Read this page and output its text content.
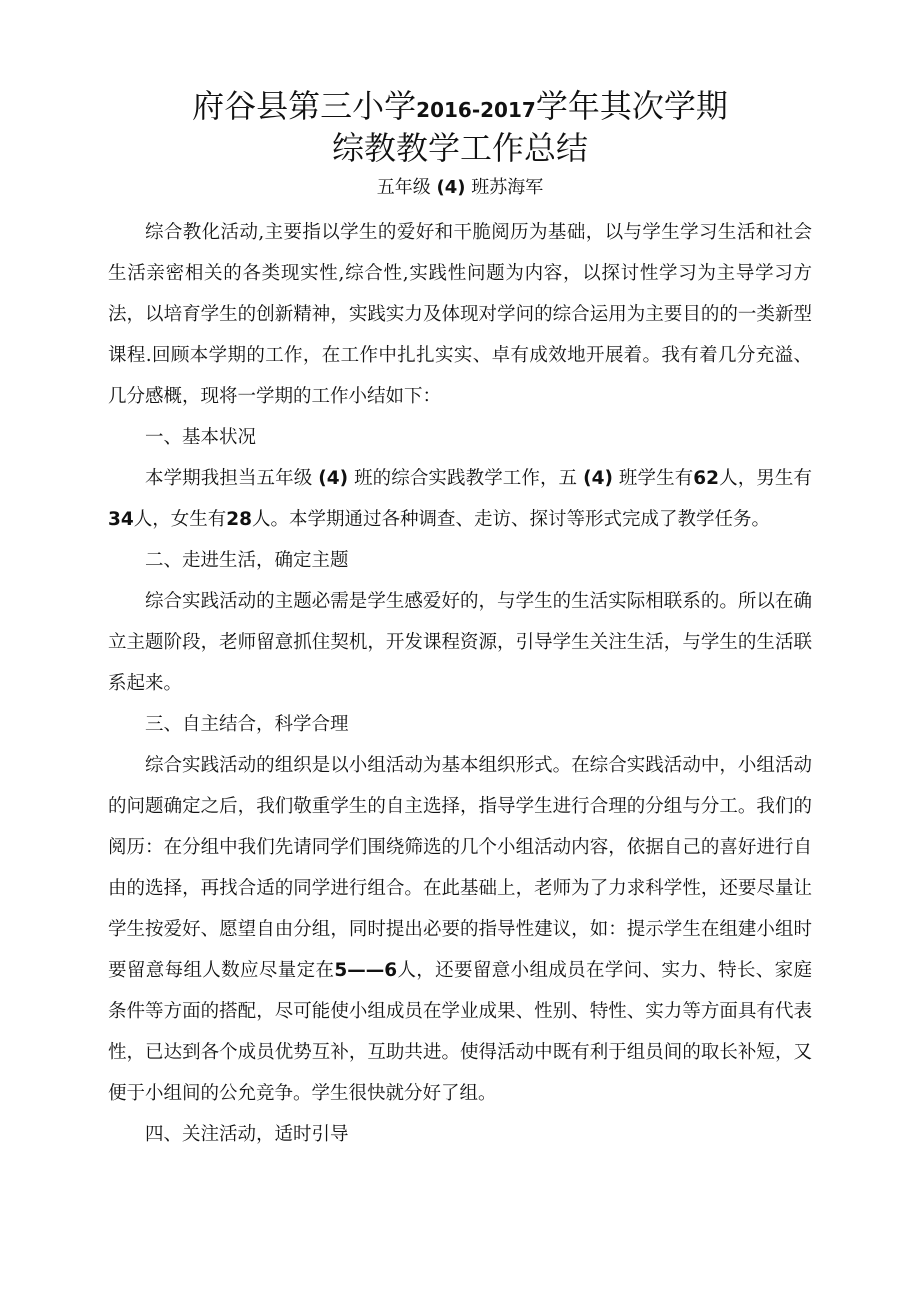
府谷县第三小学2016-2017学年其次学期
综教教学工作总结
五年级 (4) 班苏海军

综合教化活动,主要指以学生的爱好和干脆阅历为基础，以与学生学习生活和社会生活亲密相关的各类现实性,综合性,实践性问题为内容，以探讨性学习为主导学习方法，以培育学生的创新精神，实践实力及体现对学问的综合运用为主要目的的一类新型课程.回顾本学期的工作，在工作中扎扎实实、卓有成效地开展着。我有着几分充溢、几分感概，现将一学期的工作小结如下：

一、基本状况

本学期我担当五年级 (4) 班的综合实践教学工作，五 (4) 班学生有62人，男生有34人，女生有28人。本学期通过各种调查、走访、探讨等形式完成了教学任务。

二、走进生活，确定主题

综合实践活动的主题必需是学生感爱好的，与学生的生活实际相联系的。所以在确立主题阶段，老师留意抓住契机，开发课程资源，引导学生关注生活，与学生的生活联系起来。

三、自主结合，科学合理

综合实践活动的组织是以小组活动为基本组织形式。在综合实践活动中，小组活动的问题确定之后，我们敬重学生的自主选择，指导学生进行合理的分组与分工。我们的阅历：在分组中我们先请同学们围绕筛选的几个小组活动内容，依据自己的喜好进行自由的选择，再找合适的同学进行组合。在此基础上，老师为了力求科学性，还要尽量让学生按爱好、愿望自由分组，同时提出必要的指导性建议，如：提示学生在组建小组时要留意每组人数应尽量定在5——6人，还要留意小组成员在学问、实力、特长、家庭条件等方面的搭配，尽可能使小组成员在学业成果、性别、特性、实力等方面具有代表性，已达到各个成员优势互补，互助共进。使得活动中既有利于组员间的取长补短，又便于小组间的公允竞争。学生很快就分好了组。

四、关注活动，适时引导
